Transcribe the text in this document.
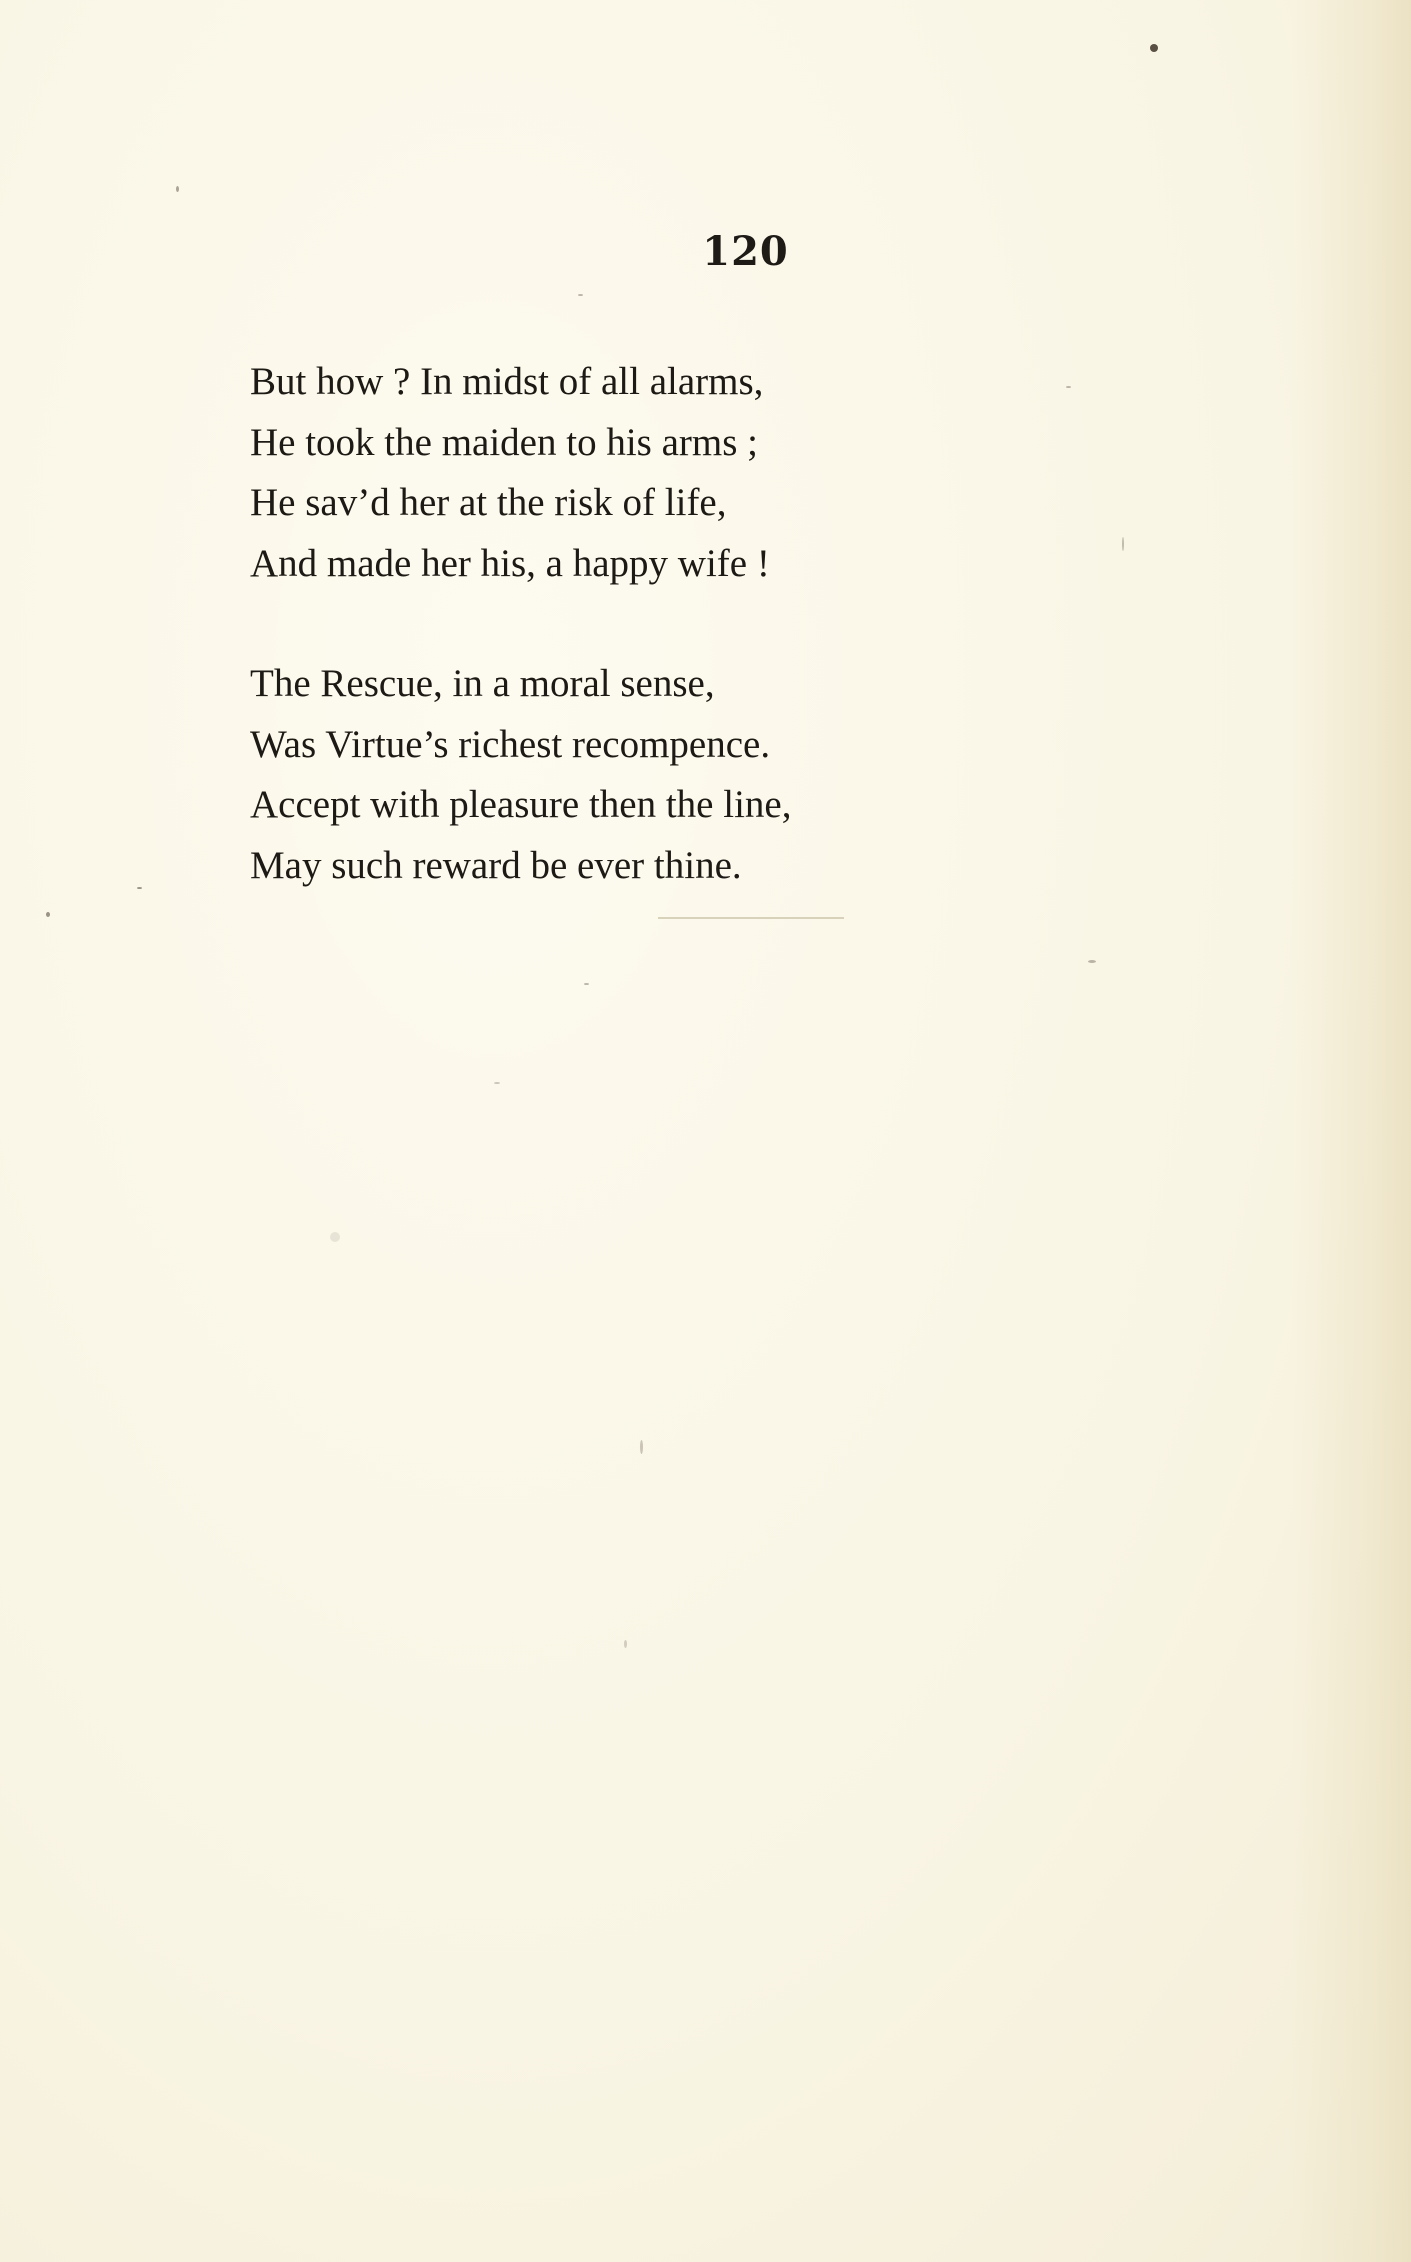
120
But how ? In midst of all alarms,
He took the maiden to his arms ;
He sav’d her at the risk of life,
And made her his, a happy wife !
The Rescue, in a moral sense,
Was Virtue’s richest recompence.
Accept with pleasure then the line,
May such reward be ever thine.
